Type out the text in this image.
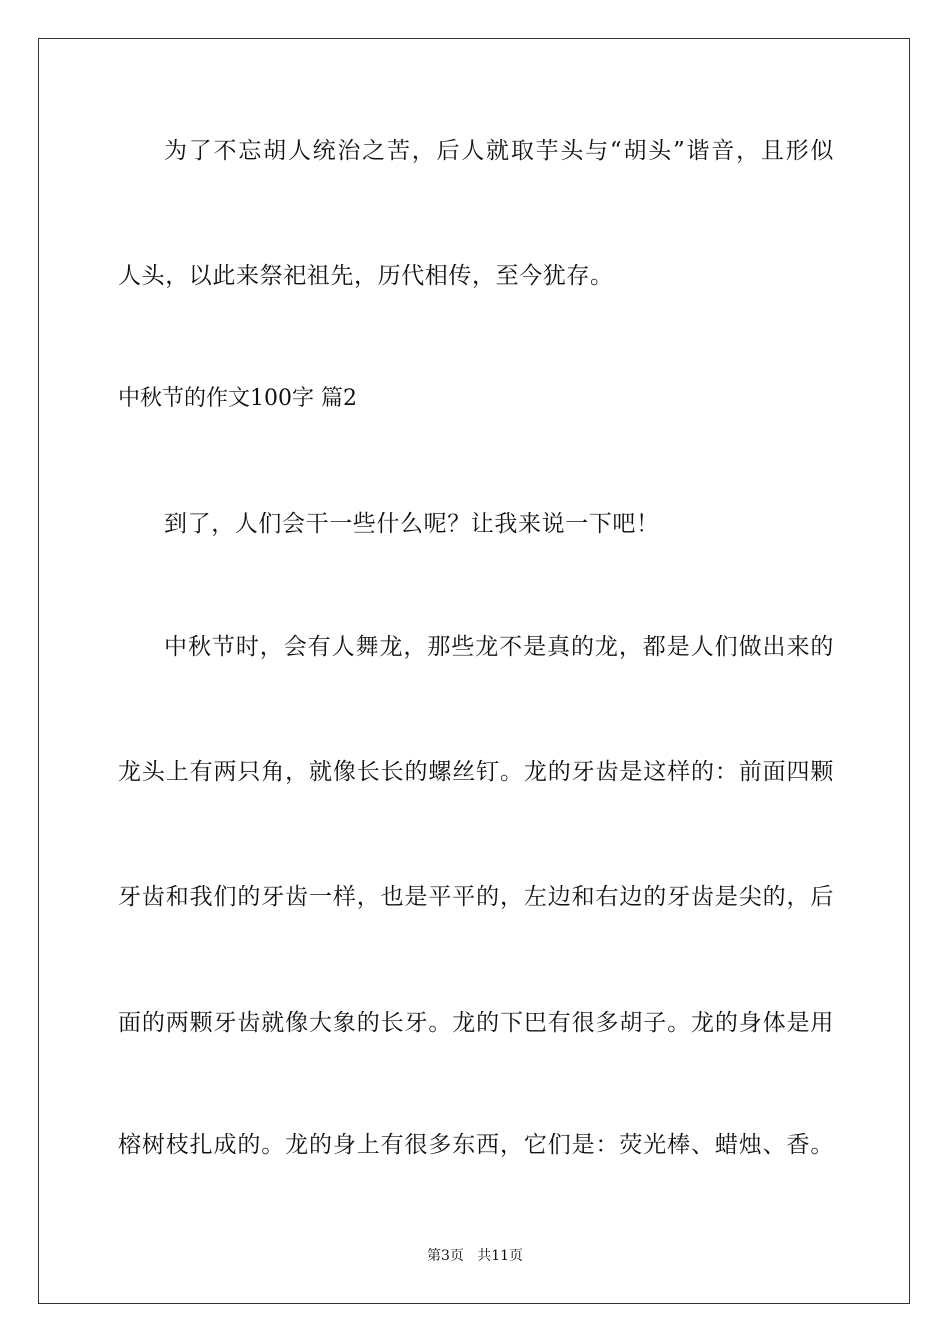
为了不忘胡人统治之苦，后人就取芋头与“胡头”谐音，且形似
人头，以此来祭祀祖先，历代相传，至今犹存。
中秋节的作文100字 篇2
到了，人们会干一些什么呢？让我来说一下吧！
中秋节时，会有人舞龙，那些龙不是真的龙，都是人们做出来的
龙头上有两只角，就像长长的螺丝钉。龙的牙齿是这样的：前面四颗
牙齿和我们的牙齿一样，也是平平的，左边和右边的牙齿是尖的，后
面的两颗牙齿就像大象的长牙。龙的下巴有很多胡子。龙的身体是用
榕树枝扎成的。龙的身上有很多东西，它们是：荧光棒、蜡烛、香。
第3页   共11页
